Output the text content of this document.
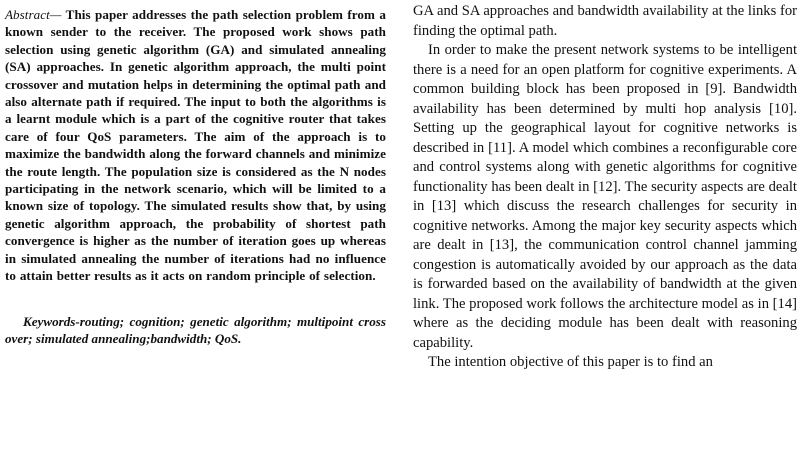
Abstract— This paper addresses the path selection problem from a known sender to the receiver. The proposed work shows path selection using genetic algorithm (GA) and simulated annealing (SA) approaches. In genetic algorithm approach, the multi point crossover and mutation helps in determining the optimal path and also alternate path if required. The input to both the algorithms is a learnt module which is a part of the cognitive router that takes care of four QoS parameters. The aim of the approach is to maximize the bandwidth along the forward channels and minimize the route length. The population size is considered as the N nodes participating in the network scenario, which will be limited to a known size of topology. The simulated results show that, by using genetic algorithm approach, the probability of shortest path convergence is higher as the number of iteration goes up whereas in simulated annealing the number of iterations had no influence to attain better results as it acts on random principle of selection.

Keywords-routing; cognition; genetic algorithm; multipoint cross over; simulated annealing;bandwidth; QoS.

GA and SA approaches and bandwidth availability at the links for finding the optimal path.

In order to make the present network systems to be intelligent there is a need for an open platform for cognitive experiments. A common building block has been proposed in [9]. Bandwidth availability has been determined by multi hop analysis [10]. Setting up the geographical layout for cognitive networks is described in [11]. A model which combines a reconfigurable core and control systems along with genetic algorithms for cognitive functionality has been dealt in [12]. The security aspects are dealt in [13] which discuss the research challenges for security in cognitive networks. Among the major key security aspects which are dealt in [13], the communication control channel jamming congestion is automatically avoided by our approach as the data is forwarded based on the availability of bandwidth at the given link. The proposed work follows the architecture model as in [14] where as the deciding module has been dealt with reasoning capability.

The intention objective of this paper is to find an
